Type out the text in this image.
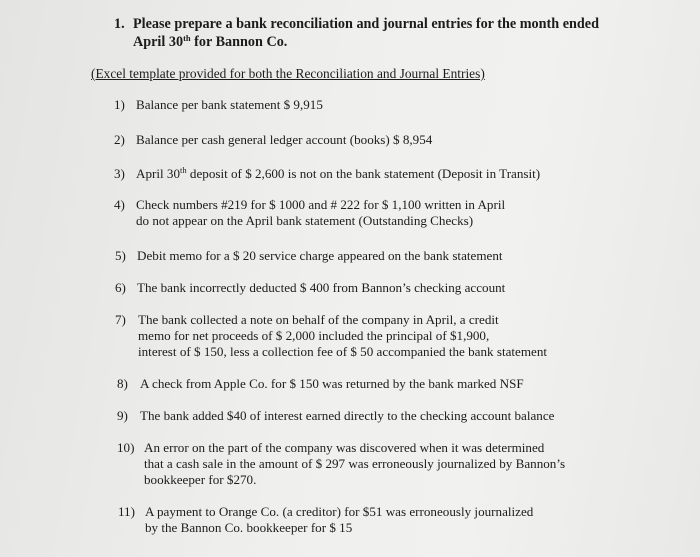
1. Please prepare a bank reconciliation and journal entries for the month ended
April 30th for Bannon Co.
(Excel template provided for both the Reconciliation and Journal Entries)
1) Balance per bank statement $ 9,915
2) Balance per cash general ledger account (books) $ 8,954
3) April 30th deposit of $ 2,600 is not on the bank statement (Deposit in Transit)
4) Check numbers #219 for $ 1000 and # 222 for $ 1,100 written in April
do not appear on the April bank statement (Outstanding Checks)
5) Debit memo for a $ 20 service charge appeared on the bank statement
6) The bank incorrectly deducted $ 400 from Bannon’s checking account
7) The bank collected a note on behalf of the company in April, a credit
memo for net proceeds of $ 2,000 included the principal of $1,900,
interest of $ 150, less a collection fee of $ 50 accompanied the bank statement
8) A check from Apple Co. for $ 150 was returned by the bank marked NSF
9) The bank added $40 of interest earned directly to the checking account balance
10) An error on the part of the company was discovered when it was determined
that a cash sale in the amount of $ 297 was erroneously journalized by Bannon’s
bookkeeper for $270.
11) A payment to Orange Co. (a creditor) for $51 was erroneously journalized
by the Bannon Co. bookkeeper for $ 15
